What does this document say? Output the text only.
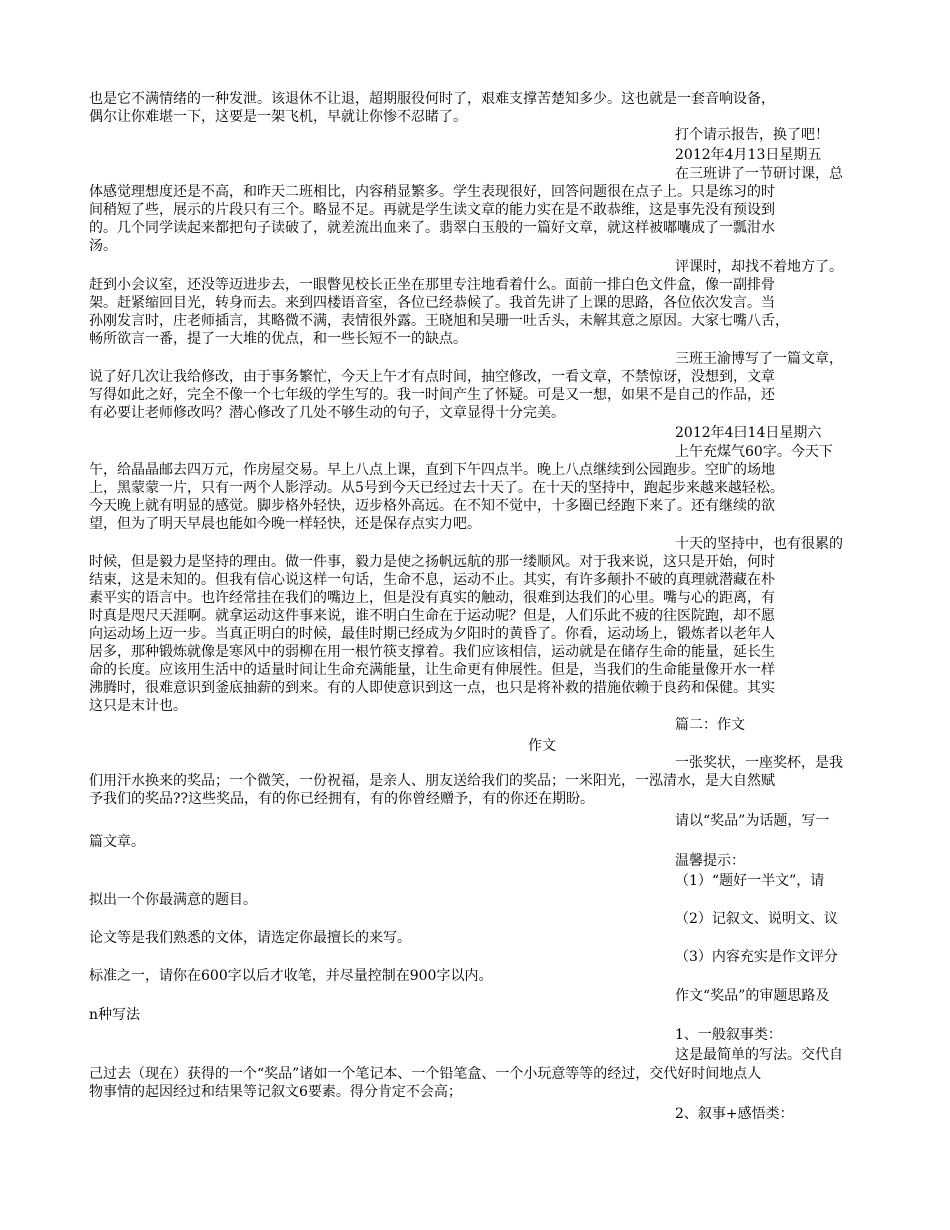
也是它不满情绪的一种发泄。该退休不让退，超期服役何时了，艰难支撑苦楚知多少。这也就是一套音响设备，
偶尔让你难堪一下，这要是一架飞机，早就让你惨不忍睹了。
打个请示报告，换了吧！
2012年4月13日星期五
在三班讲了一节研讨课，总
体感觉理想度还是不高，和昨天二班相比，内容稍显繁多。学生表现很好，回答问题很在点子上。只是练习的时
间稍短了些，展示的片段只有三个。略显不足。再就是学生读文章的能力实在是不敢恭维，这是事先没有预设到
的。几个同学读起来都把句子读破了，就差流出血来了。翡翠白玉般的一篇好文章，就这样被嘟囔成了一瓢泔水
汤。
评课时，却找不着地方了。
赶到小会议室，还没等迈进步去，一眼瞥见校长正坐在那里专注地看着什么。面前一排白色文件盒，像一副排骨
架。赶紧缩回目光，转身而去。来到四楼语音室，各位已经恭候了。我首先讲了上课的思路，各位依次发言。当
孙刚发言时，庄老师插言，其略微不满，表情很外露。王晓旭和吴珊一吐舌头，未解其意之原因。大家七嘴八舌，
畅所欲言一番，提了一大堆的优点，和一些长短不一的缺点。
三班王渝博写了一篇文章，
说了好几次让我给修改，由于事务繁忙，今天上午才有点时间，抽空修改，一看文章，不禁惊讶，没想到，文章
写得如此之好，完全不像一个七年级的学生写的。我一时间产生了怀疑。可是又一想，如果不是自己的作品，还
有必要让老师修改吗？潜心修改了几处不够生动的句子，文章显得十分完美。
2012年4曰14日星期六
上午充煤气60字。今天下
午，给晶晶邮去四万元，作房屋交易。早上八点上课，直到下午四点半。晚上八点继续到公园跑步。空旷的场地
上，黑蒙蒙一片，只有一两个人影浮动。从5号到今天已经过去十天了。在十天的坚持中，跑起步来越来越轻松。
今天晚上就有明显的感觉。脚步格外轻快，迈步格外高远。在不知不觉中，十多圈已经跑下来了。还有继续的欲
望，但为了明天早晨也能如今晚一样轻快，还是保存点实力吧。
十天的坚持中，也有很累的
时候，但是毅力是坚持的理由。做一件事，毅力是使之扬帆远航的那一缕顺风。对于我来说，这只是开始，何时
结束，这是未知的。但我有信心说这样一句话，生命不息，运动不止。其实，有许多颠扑不破的真理就潜藏在朴
素平实的语言中。也许经常挂在我们的嘴边上，但是没有真实的触动，很难到达我们的心里。嘴与心的距离，有
时真是咫尺天涯啊。就拿运动这件事来说，谁不明白生命在于运动呢？但是，人们乐此不疲的往医院跑，却不愿
向运动场上迈一步。当真正明白的时候，最佳时期已经成为夕阳时的黄昏了。你看，运动场上，锻炼者以老年人
居多，那种锻炼就像是寒风中的弱柳在用一根竹筷支撑着。我们应该相信，运动就是在储存生命的能量，延长生
命的长度。应该用生活中的适量时间让生命充满能量，让生命更有伸展性。但是，当我们的生命能量像开水一样
沸腾时，很难意识到釜底抽薪的到来。有的人即使意识到这一点，也只是将补救的措施依赖于良药和保健。其实
这只是末计也。
篇二：作文
作文
一张奖状，一座奖杯，是我
们用汗水换来的奖品；一个微笑，一份祝福，是亲人、朋友送给我们的奖品；一米阳光，一泓清水，是大自然赋
予我们的奖品??这些奖品，有的你已经拥有，有的你曾经赠予，有的你还在期盼。
请以“奖品”为话题，写一
篇文章。
温馨提示：
（1）“题好一半文”，请
拟出一个你最满意的题目。
（2）记叙文、说明文、议
论文等是我们熟悉的文体，请选定你最擅长的来写。
（3）内容充实是作文评分
标准之一，请你在600字以后才收笔，并尽量控制在900字以内。
作文“奖品”的审题思路及
n种写法
1、一般叙事类：
这是最简单的写法。交代自
己过去（现在）获得的一个“奖品”诸如一个笔记本、一个铅笔盒、一个小玩意等等的经过，交代好时间地点人
物事情的起因经过和结果等记叙文6要素。得分肯定不会高；
2、叙事+感悟类：
